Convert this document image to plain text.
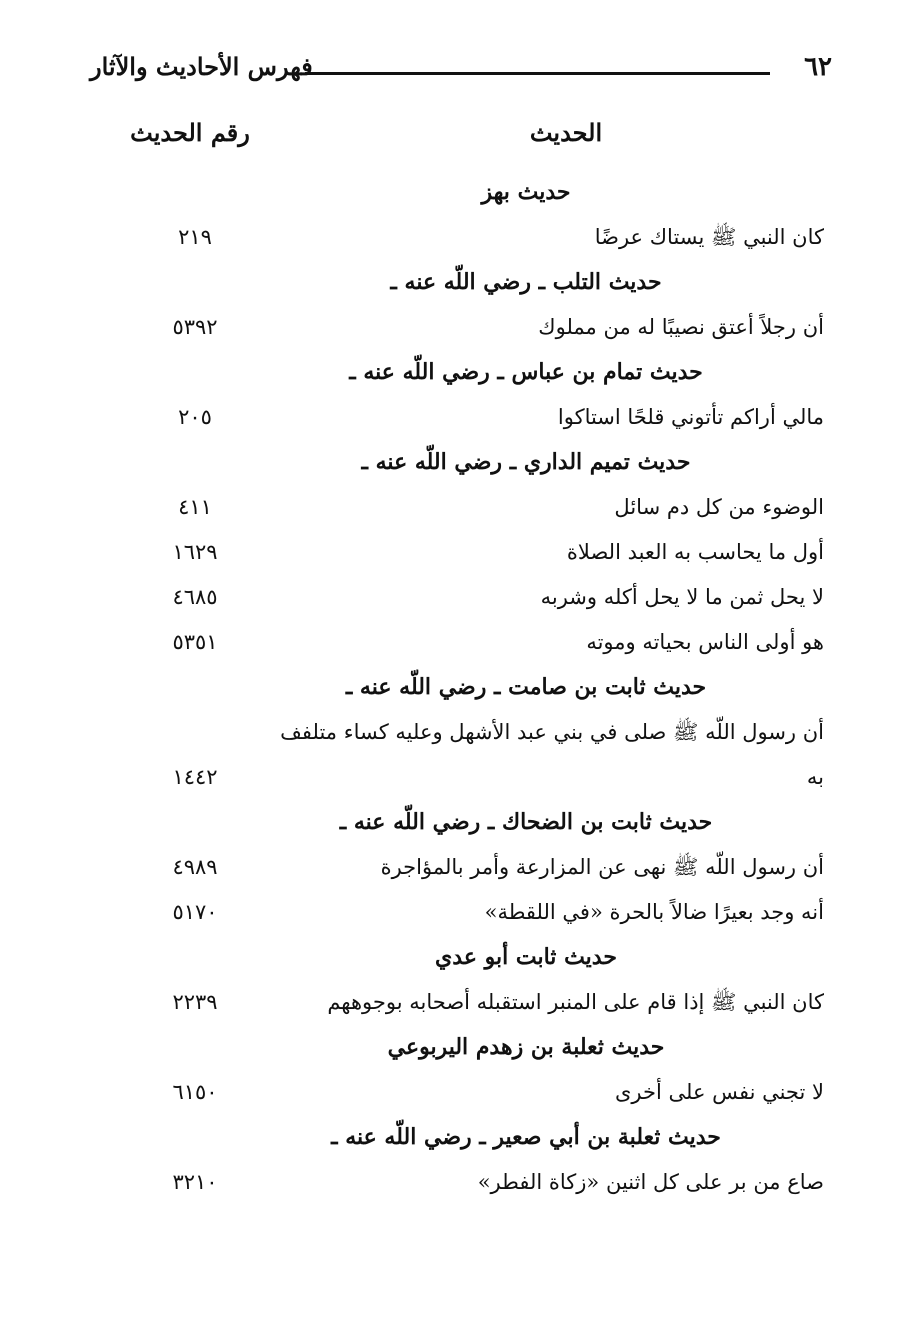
فهرس الأحاديث والآثار	٦٢
الحديث
رقم الحديث
حديث بهز
كان النبي ﷺ يستاك عرضًا
٢١٩
حديث التلب ـ رضي اللّه عنه ـ
أن رجلاً أعتق نصيبًا له من مملوك
٥٣٩٢
حديث تمام بن عباس ـ رضي اللّه عنه ـ
مالي أراكم تأتوني قلحًا استاكوا
٢٠٥
حديث تميم الداري ـ رضي اللّه عنه ـ
الوضوء من كل دم سائل
٤١١
أول ما يحاسب به العبد الصلاة
١٦٢٩
لا يحل ثمن ما لا يحل أكله وشربه
٤٦٨٥
هو أولى الناس بحياته وموته
٥٣٥١
حديث ثابت بن صامت ـ رضي اللّه عنه ـ
أن رسول اللّه ﷺ صلى في بني عبد الأشهل وعليه كساء متلفف
به
١٤٤٢
حديث ثابت بن الضحاك ـ رضي اللّه عنه ـ
أن رسول اللّه ﷺ نهى عن المزارعة وأمر بالمؤاجرة
٤٩٨٩
أنه وجد بعيرًا ضالاً بالحرة «في اللقطة»
٥١٧٠
حديث ثابت أبو عدي
كان النبي ﷺ إذا قام على المنبر استقبله أصحابه بوجوههم
٢٢٣٩
حديث ثعلبة بن زهدم اليربوعي
لا تجني نفس على أخرى
٦١٥٠
حديث ثعلبة بن أبي صعير ـ رضي اللّه عنه ـ
صاع من بر على كل اثنين «زكاة الفطر»
٣٢١٠
